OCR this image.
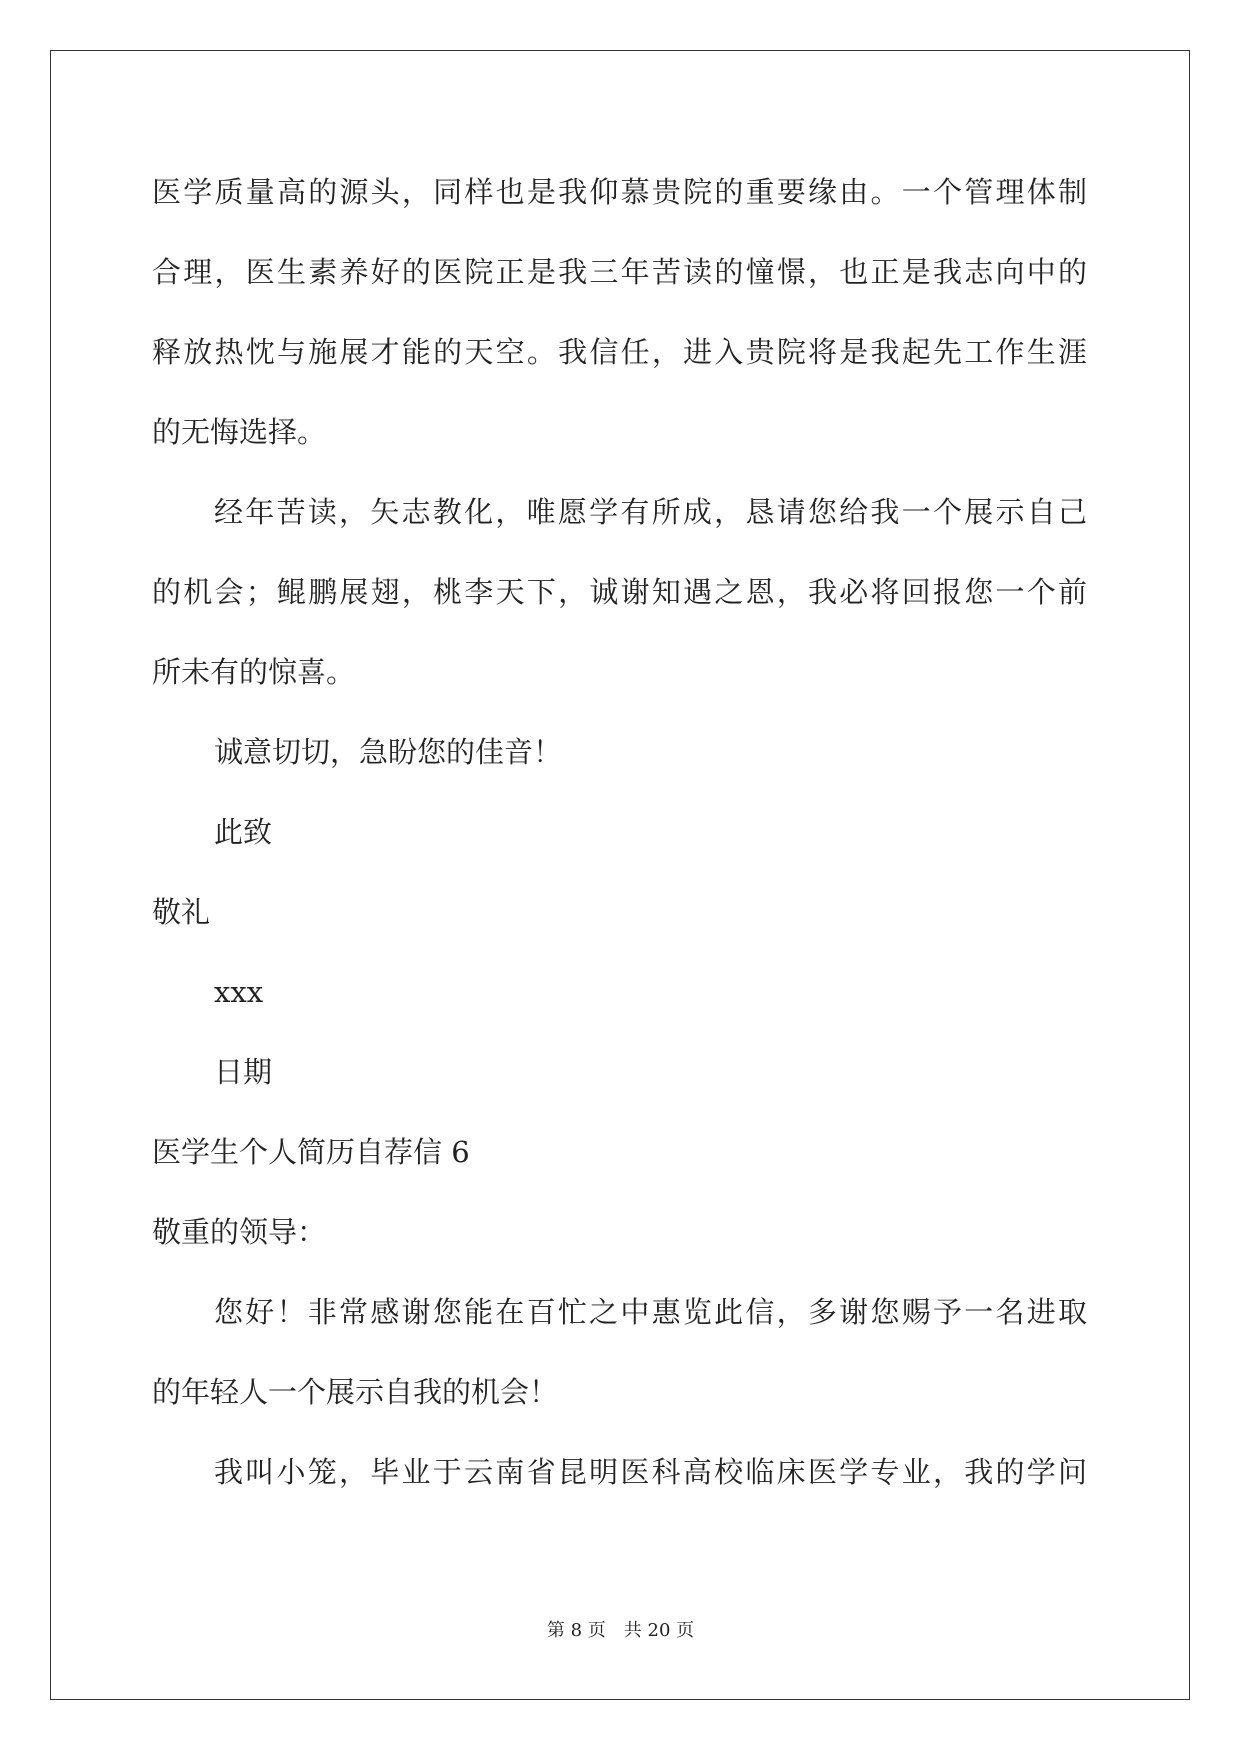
医学质量高的源头，同样也是我仰慕贵院的重要缘由。一个管理体制
合理，医生素养好的医院正是我三年苦读的憧憬，也正是我志向中的
释放热忱与施展才能的天空。我信任，进入贵院将是我起先工作生涯
的无悔选择。
经年苦读，矢志教化，唯愿学有所成，恳请您给我一个展示自己
的机会；鲲鹏展翅，桃李天下，诚谢知遇之恩，我必将回报您一个前
所未有的惊喜。
诚意切切，急盼您的佳音！
此致
敬礼
xxx
日期
医学生个人简历自荐信 6
敬重的领导：
您好！非常感谢您能在百忙之中惠览此信，多谢您赐予一名进取
的年轻人一个展示自我的机会！
我叫小笼，毕业于云南省昆明医科高校临床医学专业，我的学问
第 8 页 共 20 页
